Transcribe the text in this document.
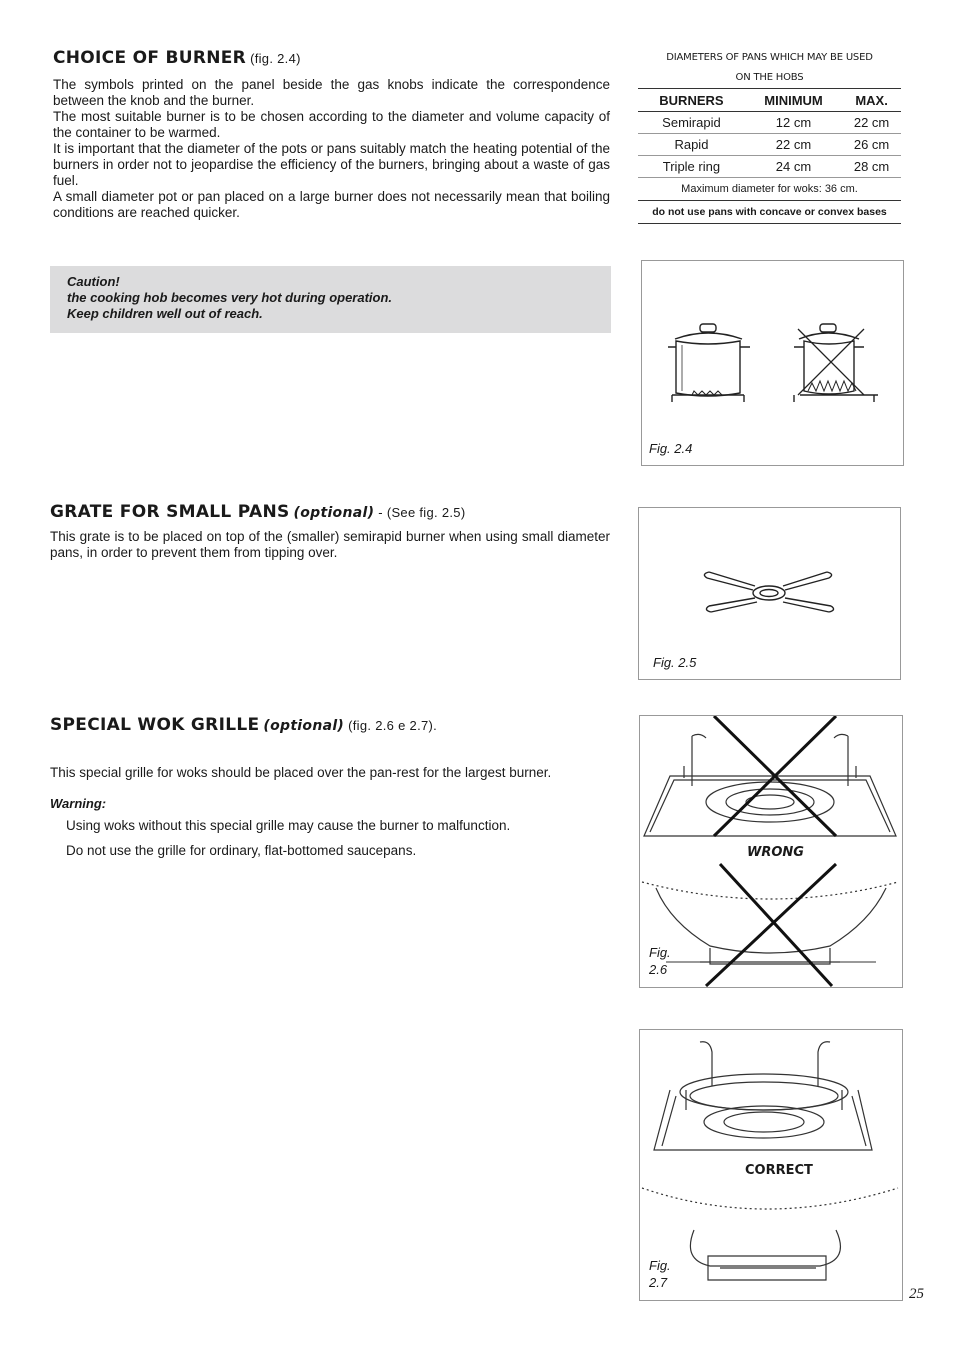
CHOICE OF BURNER (fig. 2.4)

The symbols printed on the panel beside the gas knobs indicate the correspondence between the knob and the burner.

The most suitable burner is to be chosen according to the diameter and volume capacity of the container to be warmed.

It is important that the diameter of the pots or pans suitably match the heating potential of the burners in order not to jeopardise the efficiency of the burners, bringing about a waste of gas fuel.

A small diameter pot or pan placed on a large burner does not necessarily mean that boiling conditions are reached quicker.

Caution!

the cooking hob becomes very hot during operation.

Keep children well out of reach.

DIAMETERS OF PANS WHICH MAY BE USED
ON THE HOBS
BURNERS	MINIMUM	MAX.
Semirapid	12 cm	22 cm
Rapid	22 cm	26 cm
Triple ring	24 cm	28 cm
Maximum diameter for woks: 36 cm.
do not use pans with concave or convex bases
Fig. 2.4
GRATE FOR SMALL PANS (optional) - (See fig. 2.5)

This grate is to be placed on top of the (smaller) semirapid burner when using small diameter pans, in order to prevent them from tipping over.

Fig. 2.5
SPECIAL WOK GRILLE (optional) (fig. 2.6 e 2.7).
This special grille for woks should be placed over the pan-rest for the largest burner.
Warning:
Using woks without this special grille may cause the burner to malfunction.
Do not use the grille for ordinary, flat-bottomed saucepans.	WRONG
Fig.
2.6
CORRECT
Fig.
2.7
25
